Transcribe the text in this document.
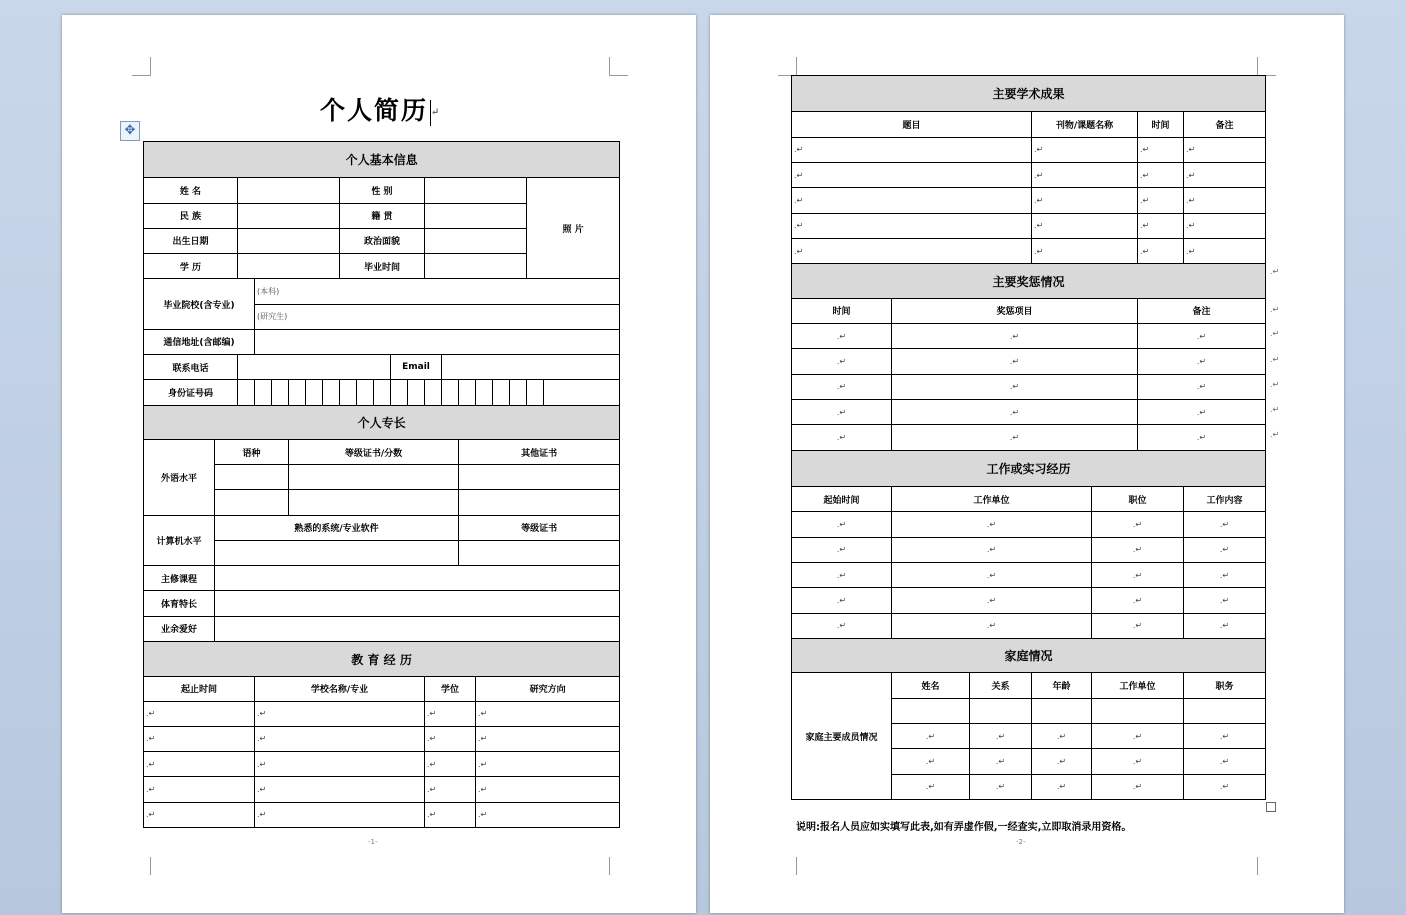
✥
个人简历 ↵
个人基本信息																				
姓 名								性 别											照 片	
民 族								籍 贯												
出生日期								政治面貌												
学 历								毕业时间												
毕业院校(含专业)			(本科)																	
			(研究生)																	
通信地址(含邮编)																				
联系电话											Email									
身份证号码																				
个人专长																				
外语水平	语种				等级证书/分数										其他证书					

计算机水平	熟悉的系统/专业软件														等级证书					

主修课程																				
体育特长																				
业余爱好																				
教 育 经 历																				
起止时间			学校名称/专业										学位			研究方向				
.↵			.↵										.↵			.↵				
.↵			.↵										.↵			.↵				
.↵			.↵										.↵			.↵				
.↵			.↵										.↵			.↵				
.↵			.↵										.↵			.↵				
-1-
主要学术成果						
题目			刊物/课题名称		时间	备注
.↵			.↵		.↵	.↵
.↵			.↵		.↵	.↵
.↵			.↵		.↵	.↵
.↵			.↵		.↵	.↵
.↵			.↵		.↵	.↵
主要奖惩情况						
时间	奖惩项目				备注	
.↵	.↵				.↵	
.↵	.↵				.↵	
.↵	.↵				.↵	
.↵	.↵				.↵	
.↵	.↵				.↵	
工作或实习经历						
起始时间	工作单位			职位		工作内容
.↵	.↵			.↵		.↵
.↵	.↵			.↵		.↵
.↵	.↵			.↵		.↵
.↵	.↵			.↵		.↵
.↵	.↵			.↵		.↵
家庭情况						
家庭主要成员情况	姓名	关系	年龄	工作单位		职务

	.↵	.↵	.↵	.↵		.↵
	.↵	.↵	.↵	.↵		.↵
	.↵	.↵	.↵	.↵		.↵
.↵
.↵
.↵
.↵
.↵
.↵
.↵
说明:报名人员应如实填写此表,如有弄虚作假,一经查实,立即取消录用资格。
-2-
